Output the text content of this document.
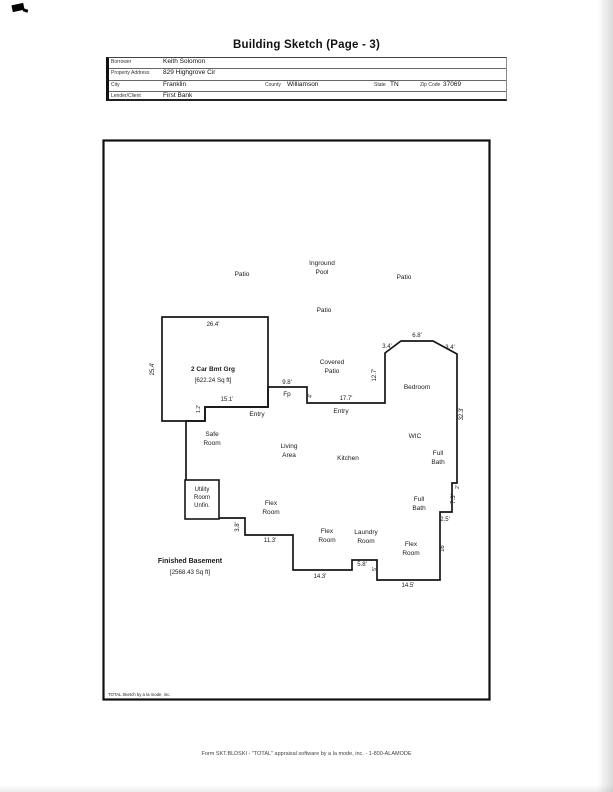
Building Sketch (Page - 3)
Borrower	Keith Solomon
Property Address 829 Highgrove Cir
City	Franklin	County Williamson	State TN	Zip Code 37069
Lender/Client	First Bank
Patio
Inground
Pool
Patio
Patio
26.4'
25.4'	2 Car Bmt Grg
[622.24 Sq ft]
Covered
Patio
9.8'
Fp
3.4'
6.8'
3.4'
12.7'
Bedroom
32.3'
15.1'
1.2'
Entry
4'	17.7'
Entry
Safe
Room	Living
Area	Kitchen
WIC
Full
Bath
2'
7.3'
Utility
Room
Unfin.	Flex
Room
Full
Bath
2.5'
3.8'
16'
11.3'
Flex
Room
Laundry
Room	Flex
Room
Finished Basement
[2568.43 Sq ft]
5.8'
5'
14.3'
14.5'
TOTAL Sketch by a la mode, inc.
Form SKT.BLDSKI - "TOTAL" appraisal software by a la mode, inc. - 1-800-ALAMODE
